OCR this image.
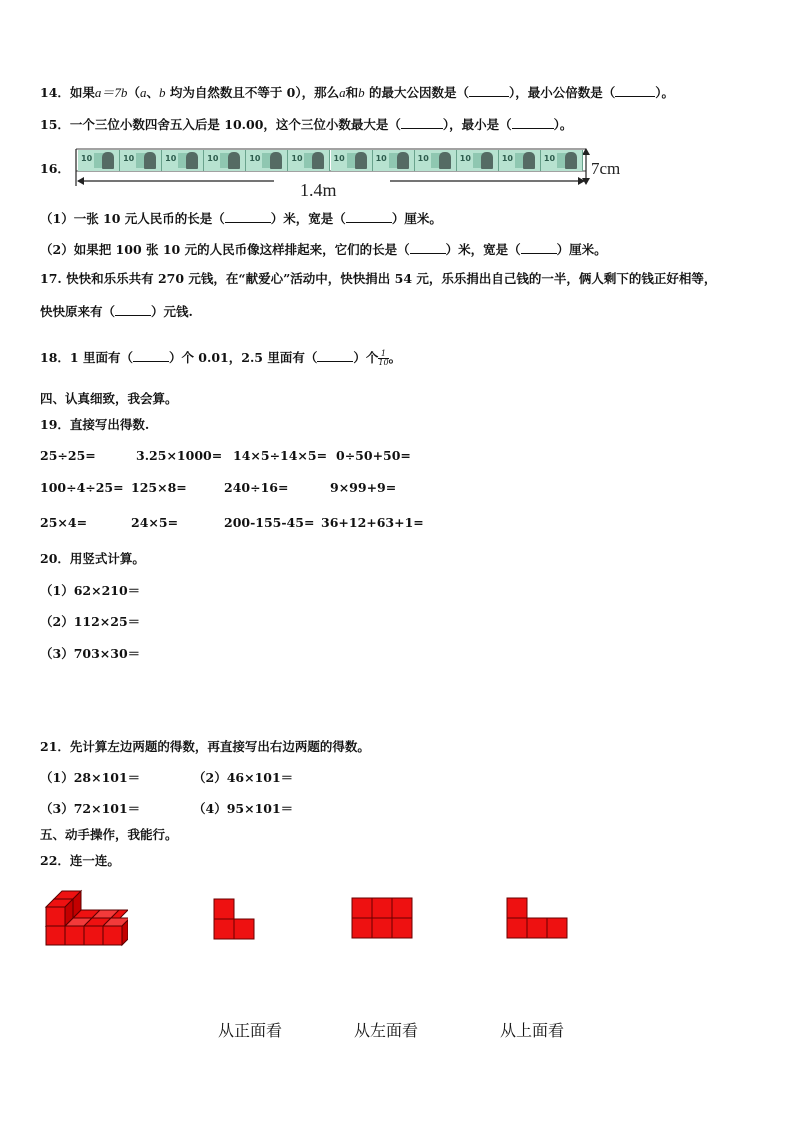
14．如果a＝7b（a、b 均为自然数且不等于 0），那么a和b 的最大公因数是（	），最小公倍数是（	）。
15．一个三位小数四舍五入后是 10.00，这个三位小数最大是（	），最小是（	）。
16．	7cm
1.4m
10	10	10	10	10	10	10	10	10	10	10	10
（1）一张 10 元人民币的长是（	）米，宽是（	）厘米。
（2）如果把 100 张 10 元的人民币像这样排起来，它们的长是（	）米，宽是（	）厘米。
17. 快快和乐乐共有 270 元钱，在“献爱心”活动中，快快捐出 54 元，乐乐捐出自己钱的一半，俩人剩下的钱正好相等，
快快原来有（	）元钱.
18．1 里面有（	）个 0.01，2.5 里面有（	）个$\frac{1}{10}$ 。
四、认真细致，我会算。
19．直接写出得数.
25÷25=	3.25×1000= 14×5÷14×5= 0÷50+50=
100÷4÷25= 125×8=	240÷16=	9×99+9=
25×4=	24×5=	200-155-45= 36+12+63+1=
20．用竖式计算。
（1）62×210＝
（2）112×25＝
（3）703×30＝
21．先计算左边两题的得数，再直接写出右边两题的得数。
（1）28×101＝	（2）46×101＝
（3）72×101＝	（4）95×101＝
五、动手操作，我能行。
22．连一连。
从正面看	从左面看	从上面看
